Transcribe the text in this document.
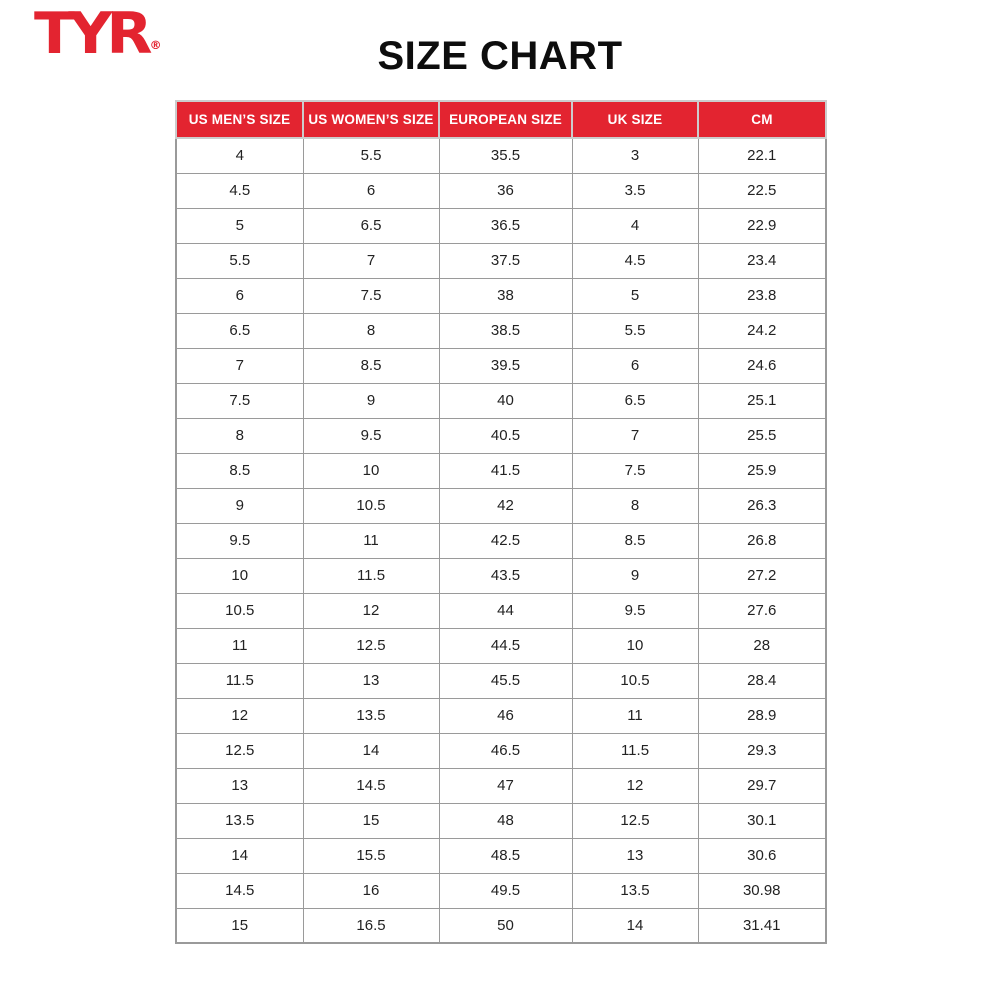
TYR ®	SIZE CHART
US MEN’S SIZE	US WOMEN’S SIZE	EUROPEAN SIZE	UK SIZE	CM
4	5.5	35.5	3	22.1
4.5	6	36	3.5	22.5
5	6.5	36.5	4	22.9
5.5	7	37.5	4.5	23.4
6	7.5	38	5	23.8
6.5	8	38.5	5.5	24.2
7	8.5	39.5	6	24.6
7.5	9	40	6.5	25.1
8	9.5	40.5	7	25.5
8.5	10	41.5	7.5	25.9
9	10.5	42	8	26.3
9.5	11	42.5	8.5	26.8
10	11.5	43.5	9	27.2
10.5	12	44	9.5	27.6
11	12.5	44.5	10	28
11.5	13	45.5	10.5	28.4
12	13.5	46	11	28.9
12.5	14	46.5	11.5	29.3
13	14.5	47	12	29.7
13.5	15	48	12.5	30.1
14	15.5	48.5	13	30.6
14.5	16	49.5	13.5	30.98
15	16.5	50	14	31.41
